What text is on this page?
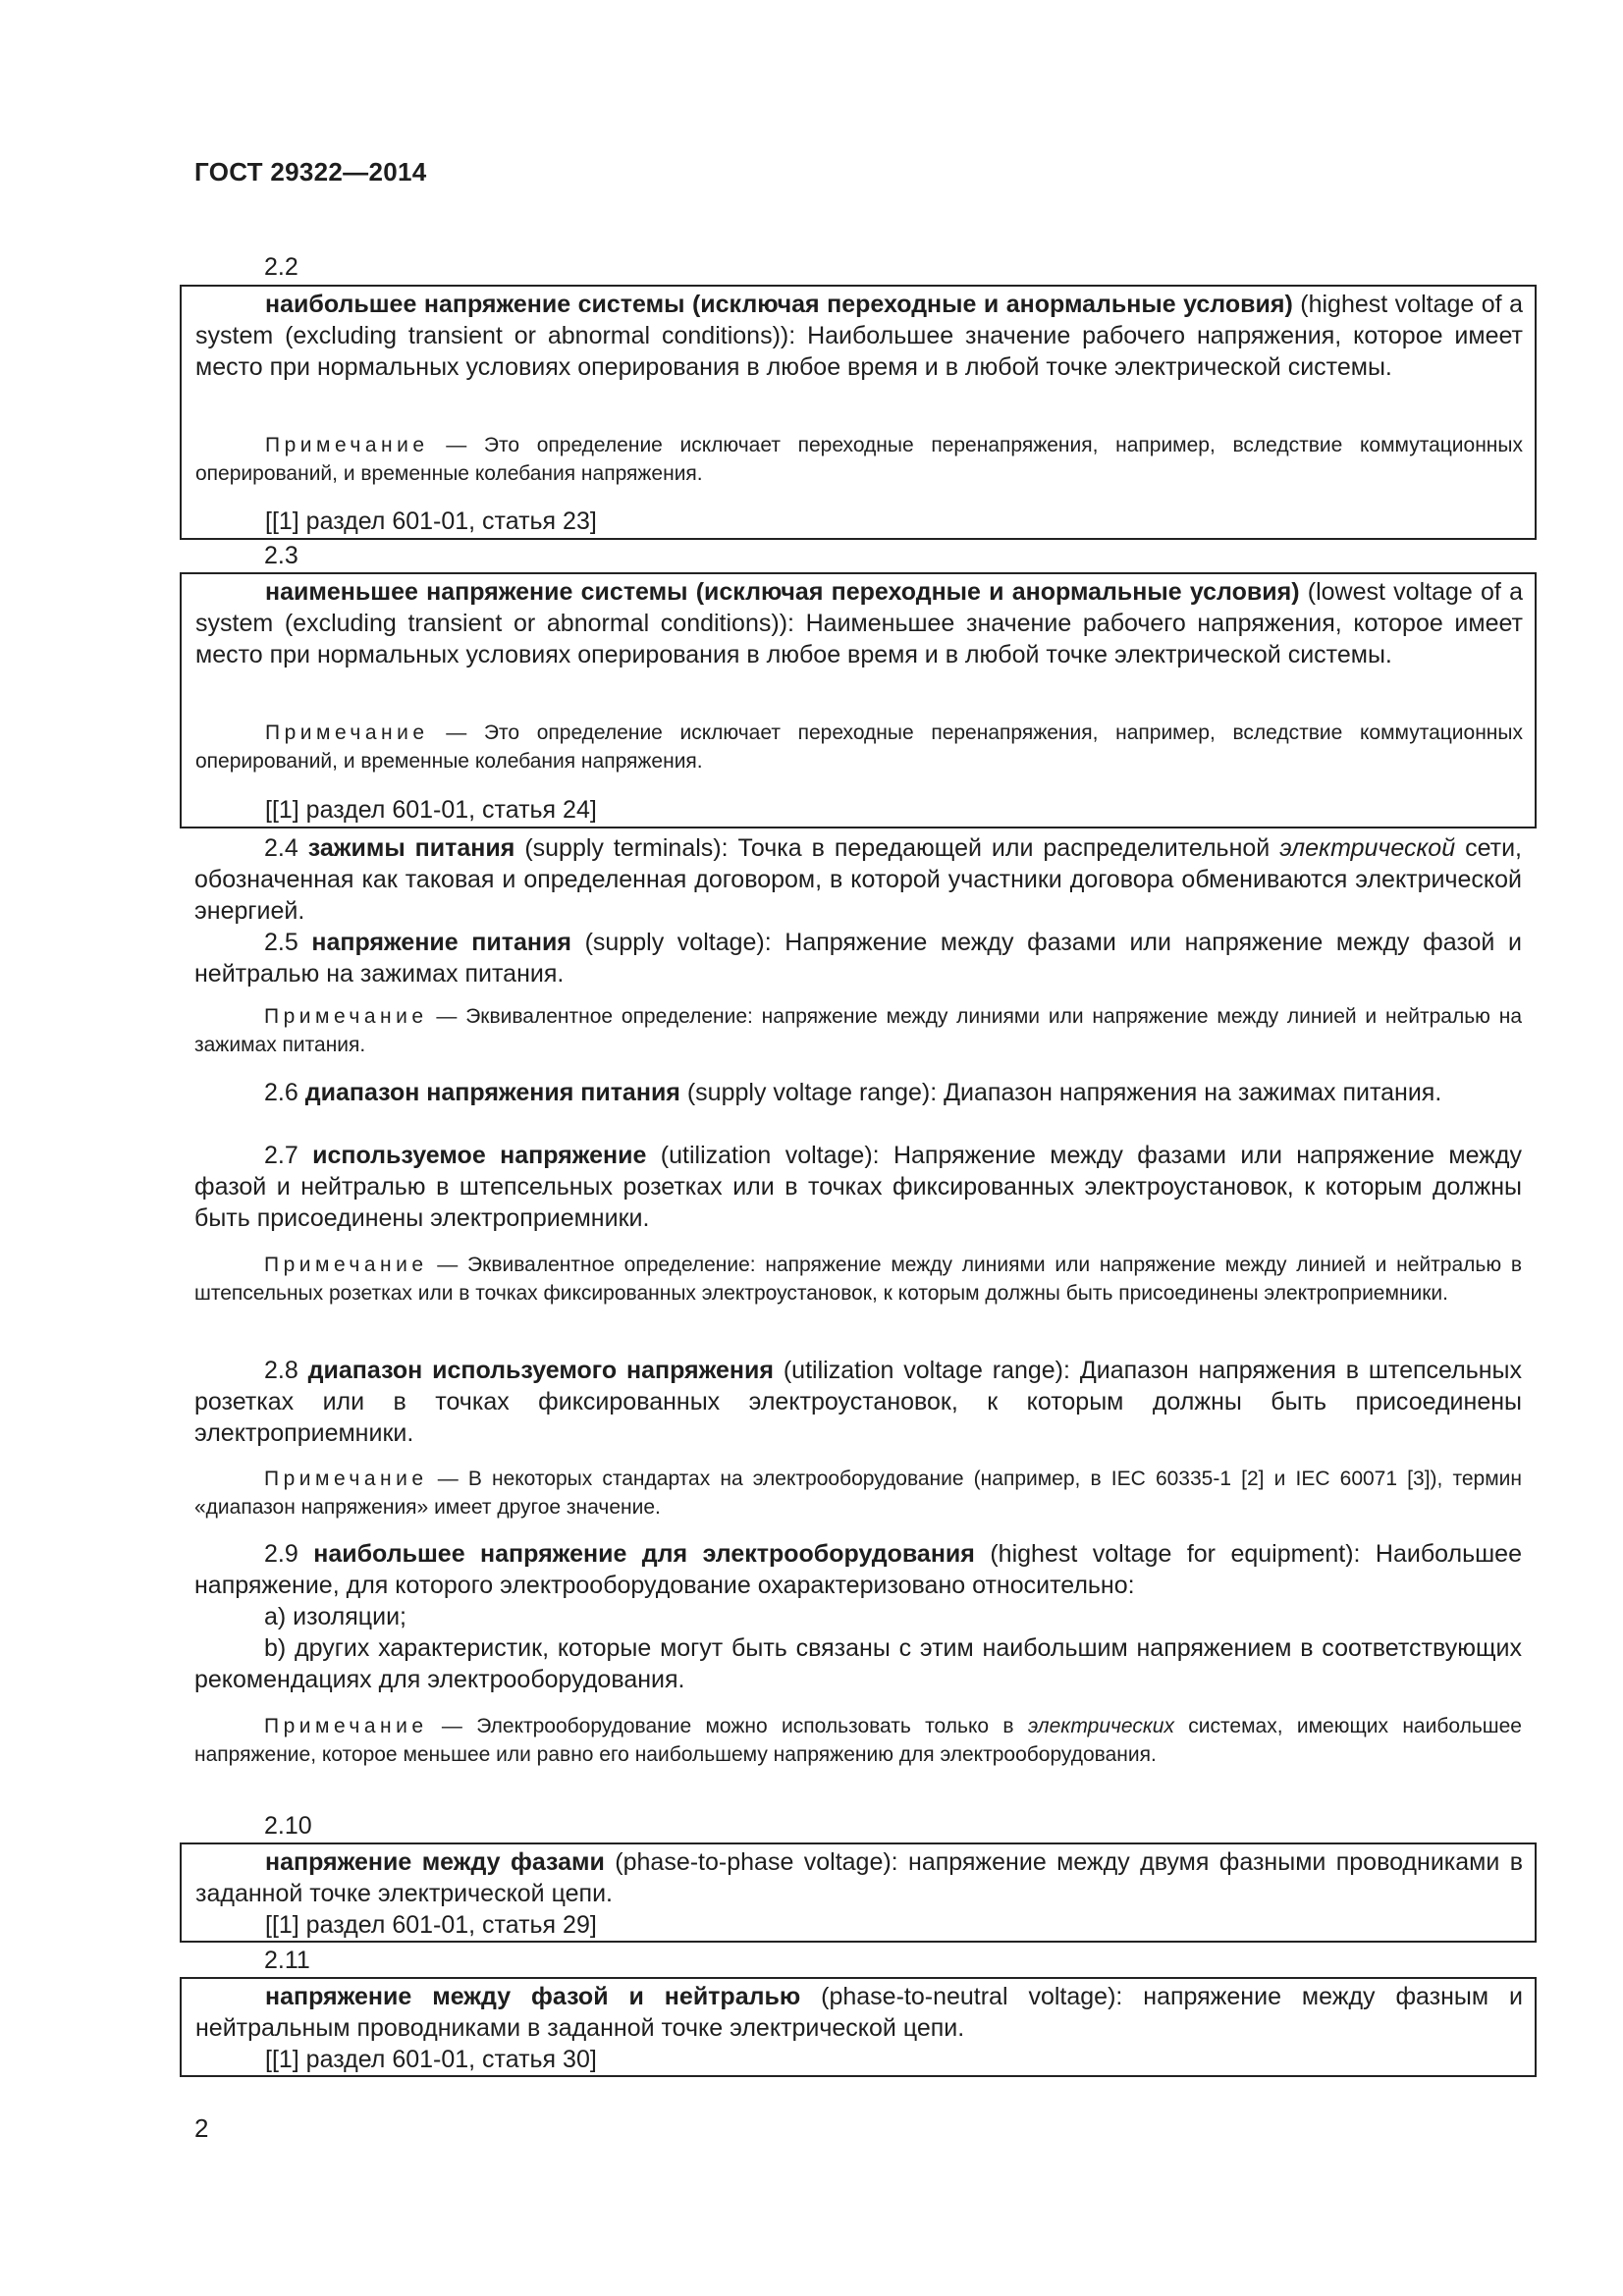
ГОСТ 29322—2014
2.2
наибольшее напряжение системы (исключая переходные и анормальные условия) (highest voltage of a system (excluding transient or abnormal conditions)): Наибольшее значение рабочего напряжения, которое имеет место при нормальных условиях оперирования в любое время и в любой точке электрической системы.
Примечание — Это определение исключает переходные перенапряжения, например, вследствие коммутационных оперирований, и временные колебания напряжения.
[[1] раздел 601-01, статья 23]
2.3
наименьшее напряжение системы (исключая переходные и анормальные условия) (lowest voltage of a system (excluding transient or abnormal conditions)): Наименьшее значение рабочего напряжения, которое имеет место при нормальных условиях оперирования в любое время и в любой точке электрической системы.
Примечание — Это определение исключает переходные перенапряжения, например, вследствие коммутационных оперирований, и временные колебания напряжения.
[[1] раздел 601-01, статья 24]
2.4 зажимы питания (supply terminals): Точка в передающей или распределительной электрической сети, обозначенная как таковая и определенная договором, в которой участники договора обмениваются электрической энергией.
2.5 напряжение питания (supply voltage): Напряжение между фазами или напряжение между фазой и нейтралью на зажимах питания.
Примечание — Эквивалентное определение: напряжение между линиями или напряжение между линией и нейтралью на зажимах питания.
2.6 диапазон напряжения питания (supply voltage range): Диапазон напряжения на зажимах питания.
2.7 используемое напряжение (utilization voltage): Напряжение между фазами или напряжение между фазой и нейтралью в штепсельных розетках или в точках фиксированных электроустановок, к которым должны быть присоединены электроприемники.
Примечание — Эквивалентное определение: напряжение между линиями или напряжение между линией и нейтралью в штепсельных розетках или в точках фиксированных электроустановок, к которым должны быть присоединены электроприемники.
2.8 диапазон используемого напряжения (utilization voltage range): Диапазон напряжения в штепсельных розетках или в точках фиксированных электроустановок, к которым должны быть присоединены электроприемники.
Примечание — В некоторых стандартах на электрооборудование (например, в IEC 60335-1 [2] и IEC 60071 [3]), термин «диапазон напряжения» имеет другое значение.
2.9 наибольшее напряжение для электрооборудования (highest voltage for equipment): Наибольшее напряжение, для которого электрооборудование охарактеризовано относительно:
a) изоляции;
b) других характеристик, которые могут быть связаны с этим наибольшим напряжением в соответствующих рекомендациях для электрооборудования.
Примечание — Электрооборудование можно использовать только в электрических системах, имеющих наибольшее напряжение, которое меньшее или равно его наибольшему напряжению для электрооборудования.
2.10
напряжение между фазами (phase-to-phase voltage): напряжение между двумя фазными проводниками в заданной точке электрической цепи.
[[1] раздел 601-01, статья 29]
2.11
напряжение между фазой и нейтралью (phase-to-neutral voltage): напряжение между фазным и нейтральным проводниками в заданной точке электрической цепи.
[[1] раздел 601-01, статья 30]
2
